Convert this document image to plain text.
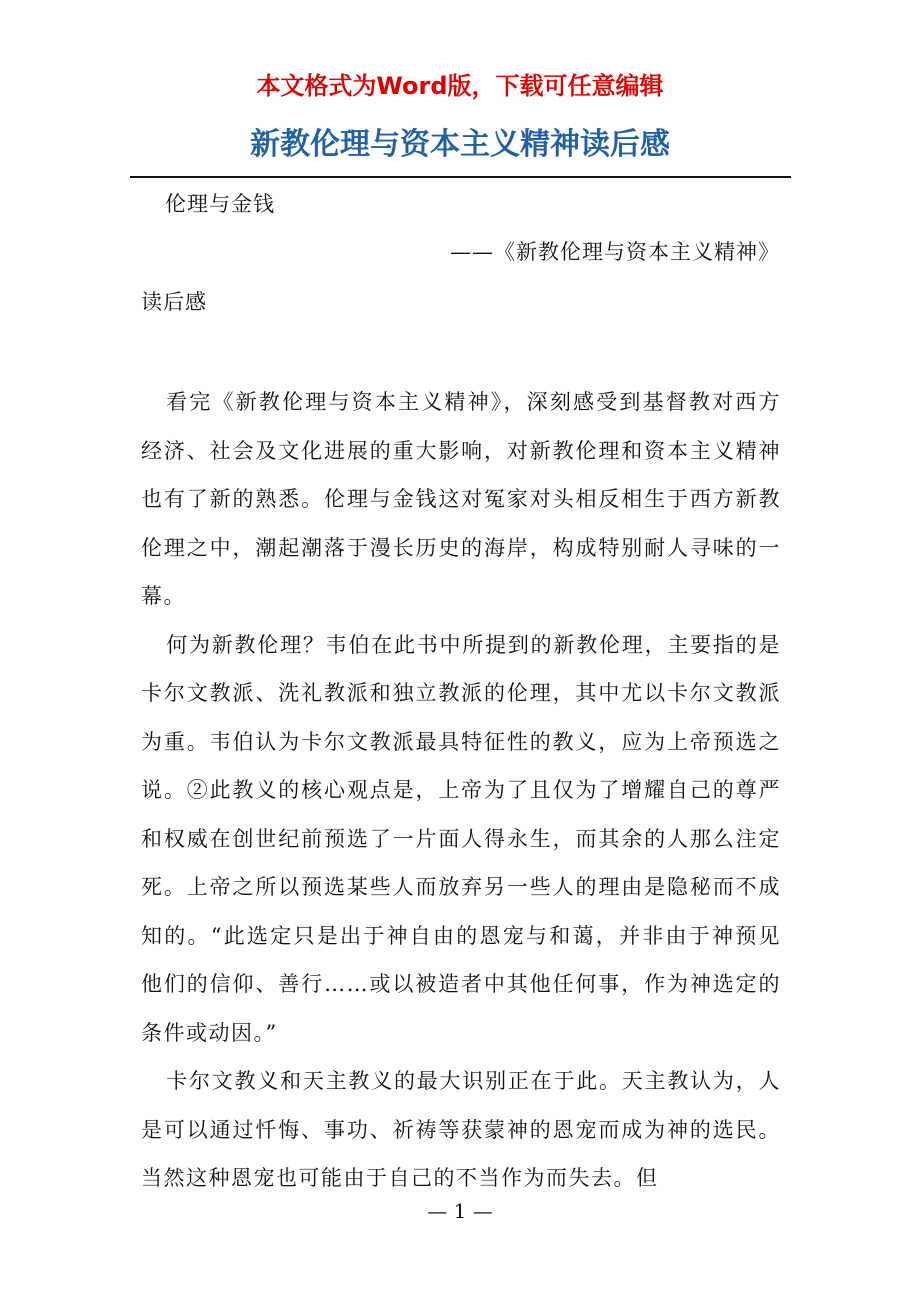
本文格式为Word版，下载可任意编辑
新教伦理与资本主义精神读后感
伦理与金钱
——《新教伦理与资本主义精神》
读后感

看完《新教伦理与资本主义精神》，深刻感受到基督教对西方经济、社会及文化进展的重大影响，对新教伦理和资本主义精神也有了新的熟悉。伦理与金钱这对冤家对头相反相生于西方新教伦理之中，潮起潮落于漫长历史的海岸，构成特别耐人寻味的一幕。

何为新教伦理？韦伯在此书中所提到的新教伦理，主要指的是卡尔文教派、洗礼教派和独立教派的伦理，其中尤以卡尔文教派为重。韦伯认为卡尔文教派最具特征性的教义，应为上帝预选之说。②此教义的核心观点是，上帝为了且仅为了增耀自己的尊严和权威在创世纪前预选了一片面人得永生，而其余的人那么注定死。上帝之所以预选某些人而放弃另一些人的理由是隐秘而不成知的。“此选定只是出于神自由的恩宠与和蔼，并非由于神预见他们的信仰、善行……或以被造者中其他任何事，作为神选定的条件或动因。”

卡尔文教义和天主教义的最大识别正在于此。天主教认为，人是可以通过忏悔、事功、祈祷等获蒙神的恩宠而成为神的选民。当然这种恩宠也可能由于自己的不当作为而失去。但

— 1 —
